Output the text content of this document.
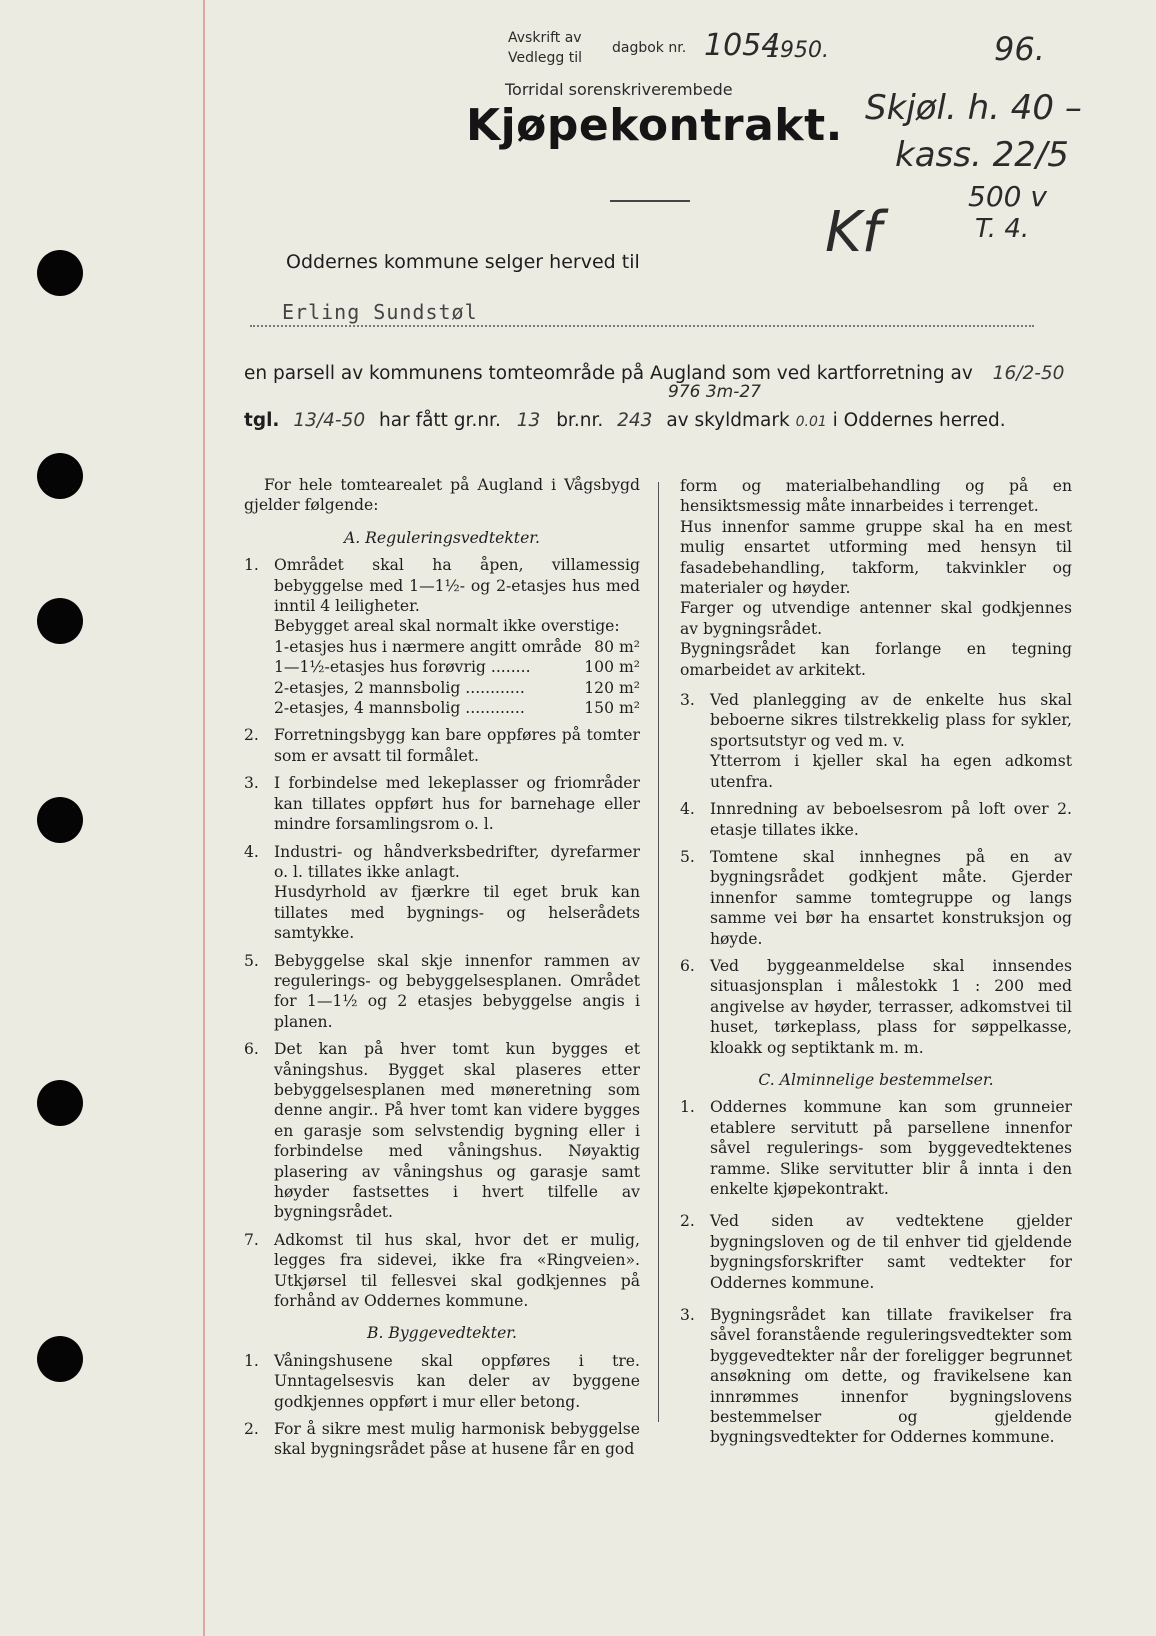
Avskrift av
Vedlegg til
dagbok nr. 1054
1950.
Torridal sorenskriverembede
96.
Kjøpekontrakt. Skjøl. h. 40 –
kass. 22/5
500 v
T. 4.
Kf
Oddernes kommune selger herved til
Erling Sundstøl
en parsell av kommunens tomteområde på Augland som ved kartforretning av 16/2-50
976 3m-27
tgl. 13/4-50 har fått gr.nr. 13 br.nr. 243 av skyldmark 0.01 i Oddernes herred.

For hele tomtearealet på Augland i Vågsbygd gjelder følgende:

A. Reguleringsvedtekter.

1. Området skal ha åpen, villamessig bebyggelse med 1—1½- og 2-etasjes hus med inntil 4 leiligheter.

Bebygget areal skal normalt ikke overstige:

1-etasjes hus i nærmere angitt område 80 m²
1—1½-etasjes hus forøvrig ........	100 m²
2-etasjes, 2 mannsbolig ............	120 m²
2-etasjes, 4 mannsbolig ............	150 m²
2. Forretningsbygg kan bare oppføres på tomter som er avsatt til formålet.

3. I forbindelse med lekeplasser og friområder kan tillates oppført hus for barnehage eller mindre forsamlingsrom o. l.

4. Industri- og håndverksbedrifter, dyrefarmer o. l. tillates ikke anlagt.

Husdyrhold av fjærkre til eget bruk kan tillates med bygnings- og helserådets samtykke.

5. Bebyggelse skal skje innenfor rammen av regulerings- og bebyggelsesplanen. Området for 1—1½ og 2 etasjes bebyggelse angis i planen.

6. Det kan på hver tomt kun bygges et våningshus. Bygget skal plaseres etter bebyggelsesplanen med møneretning som denne angir.. På hver tomt kan videre bygges en garasje som selvstendig bygning eller i forbindelse med våningshus. Nøyaktig plasering av våningshus og garasje samt høyder fastsettes i hvert tilfelle av bygningsrådet.

7. Adkomst til hus skal, hvor det er mulig, legges fra sidevei, ikke fra «Ringveien». Utkjørsel til fellesvei skal godkjennes på forhånd av Oddernes kommune.

B. Byggevedtekter.

1. Våningshusene skal oppføres i tre. Unntagelsesvis kan deler av byggene godkjennes oppført i mur eller betong.

2. For å sikre mest mulig harmonisk bebyggelse skal bygningsrådet påse at husene får en god

form og materialbehandling og på en hensiktsmessig måte innarbeides i terrenget.

Hus innenfor samme gruppe skal ha en mest mulig ensartet utforming med hensyn til fasadebehandling, takform, takvinkler og materialer og høyder.

Farger og utvendige antenner skal godkjennes av bygningsrådet.

Bygningsrådet kan forlange en tegning omarbeidet av arkitekt.

3. Ved planlegging av de enkelte hus skal beboerne sikres tilstrekkelig plass for sykler, sportsutstyr og ved m. v.

Ytterrom i kjeller skal ha egen adkomst utenfra.

4. Innredning av beboelsesrom på loft over 2. etasje tillates ikke.

5. Tomtene skal innhegnes på en av bygningsrådet godkjent måte. Gjerder innenfor samme tomtegruppe og langs samme vei bør ha ensartet konstruksjon og høyde.

6. Ved byggeanmeldelse skal innsendes situasjonsplan i målestokk 1 : 200 med angivelse av høyder, terrasser, adkomstvei til huset, tørkeplass, plass for søppelkasse, kloakk og septiktank m. m.

C. Alminnelige bestemmelser.

1. Oddernes kommune kan som grunneier etablere servitutt på parsellene innenfor såvel regulerings- som byggevedtektenes ramme. Slike servitutter blir å innta i den enkelte kjøpekontrakt.

2. Ved siden av vedtektene gjelder bygningsloven og de til enhver tid gjeldende bygningsforskrifter samt vedtekter for Oddernes kommune.

3. Bygningsrådet kan tillate fravikelser fra såvel foranstående reguleringsvedtekter som byggevedtekter når der foreligger begrunnet ansøkning om dette, og fravikelsene kan innrømmes innenfor bygningslovens bestemmelser og gjeldende bygningsvedtekter for Oddernes kommune.
